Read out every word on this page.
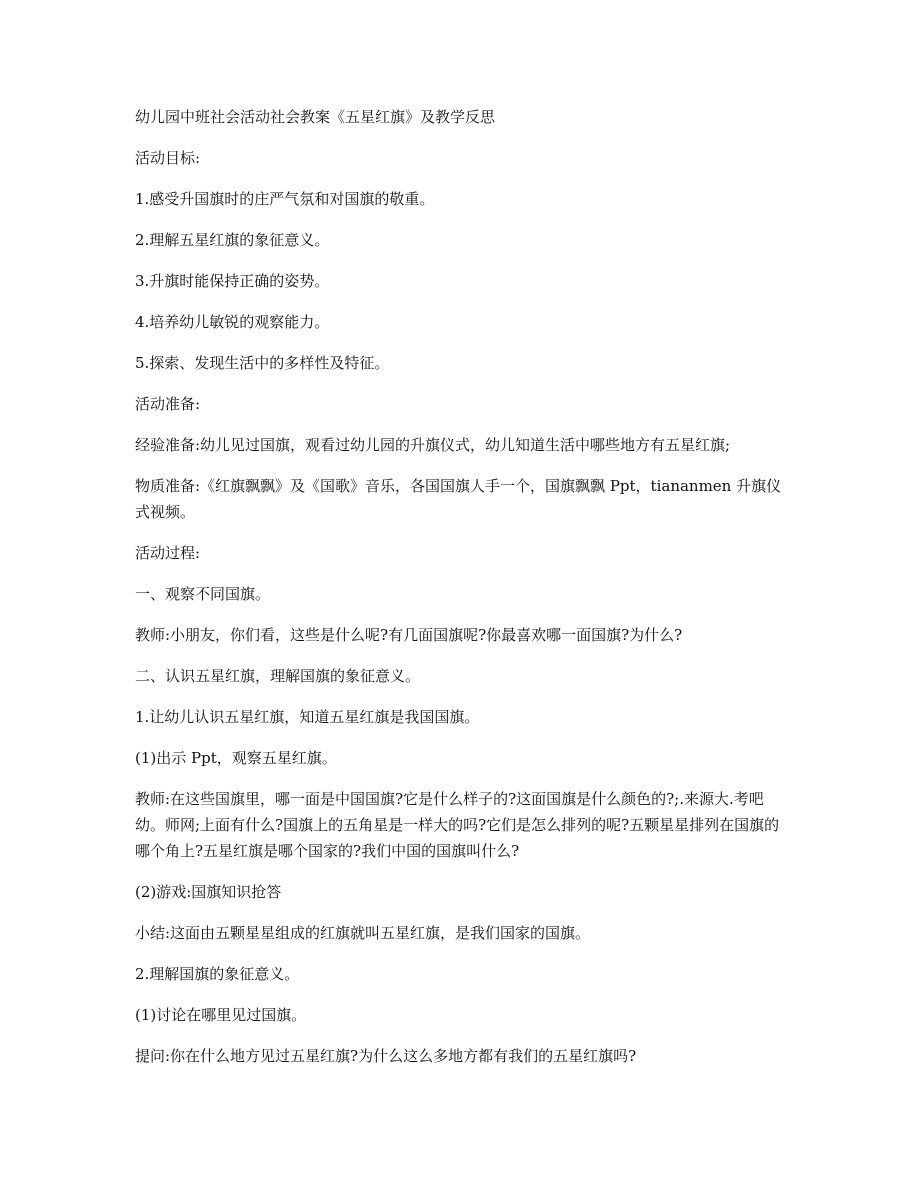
幼儿园中班社会活动社会教案《五星红旗》及教学反思

活动目标:

1.感受升国旗时的庄严气氛和对国旗的敬重。

2.理解五星红旗的象征意义。

3.升旗时能保持正确的姿势。

4.培养幼儿敏锐的观察能力。

5.探索、发现生活中的多样性及特征。

活动准备:

经验准备:幼儿见过国旗，观看过幼儿园的升旗仪式，幼儿知道生活中哪些地方有五星红旗;

物质准备:《红旗飘飘》及《国歌》音乐，各国国旗人手一个，国旗飘飘 Ppt，tiananmen 升旗仪式视频。

活动过程:

一、观察不同国旗。

教师:小朋友，你们看，这些是什么呢?有几面国旗呢?你最喜欢哪一面国旗?为什么?

二、认识五星红旗，理解国旗的象征意义。

1.让幼儿认识五星红旗，知道五星红旗是我国国旗。

(1)出示 Ppt，观察五星红旗。

教师:在这些国旗里，哪一面是中国国旗?它是什么样子的?这面国旗是什么颜色的?;.来源大.考吧幼。师网;上面有什么?国旗上的五角星是一样大的吗?它们是怎么排列的呢?五颗星星排列在国旗的哪个角上?五星红旗是哪个国家的?我们中国的国旗叫什么?

(2)游戏:国旗知识抢答

小结:这面由五颗星星组成的红旗就叫五星红旗，是我们国家的国旗。

2.理解国旗的象征意义。

(1)讨论在哪里见过国旗。

提问:你在什么地方见过五星红旗?为什么这么多地方都有我们的五星红旗吗?
